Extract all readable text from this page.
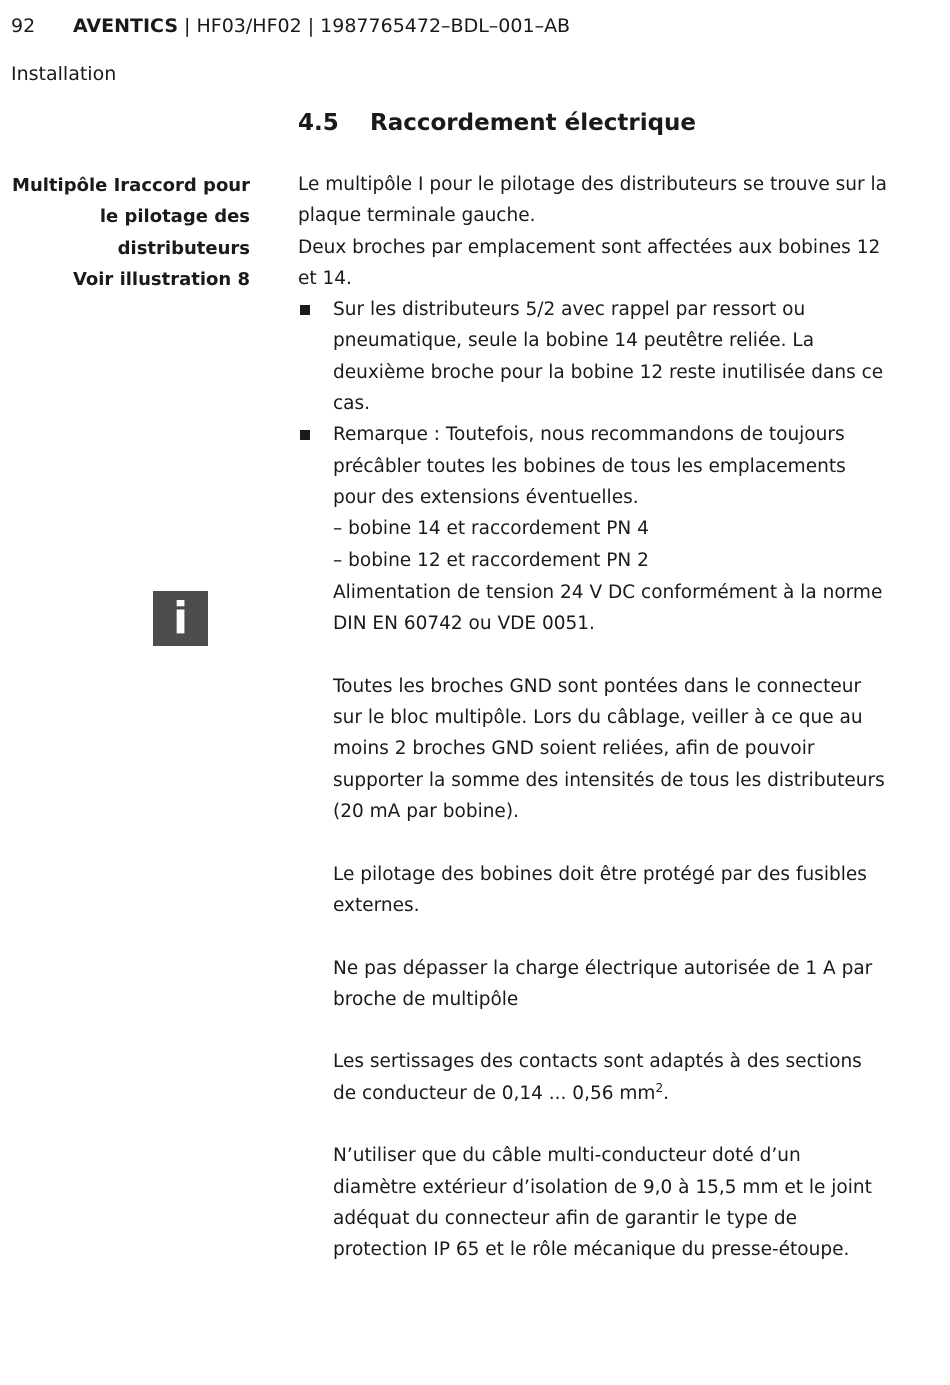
92 AVENTICS | HF03/HF02 | 1987765472–BDL–001–AB
Installation
4.5 Raccordement électrique
Multipôle Iraccord pour
le pilotage des
distributeurs
Voir illustration 8

Le multipôle I pour le pilotage des distributeurs se trouve sur la plaque terminale gauche.

Deux broches par emplacement sont affectées aux bobines 12 et 14.

Sur les distributeurs 5/2 avec rappel par ressort ou pneumatique, seule la bobine 14 peutêtre reliée. La deuxième broche pour la bobine 12 reste inutilisée dans ce cas.
Remarque : Toutefois, nous recommandons de toujours précâbler toutes les bobines de tous les emplacements pour des extensions éventuelles.
– bobine 14 et raccordement PN 4
– bobine 12 et raccordement PN 2
i

Alimentation de tension 24 V DC conformément à la norme DIN EN 60742 ou VDE 0051.

Toutes les broches GND sont pontées dans le connecteur sur le bloc multipôle. Lors du câblage, veiller à ce que au moins 2 broches GND soient reliées, afin de pouvoir supporter la somme des intensités de tous les distributeurs (20 mA par bobine).

Le pilotage des bobines doit être protégé par des fusibles externes.

Ne pas dépasser la charge électrique autorisée de 1 A par broche de multipôle

Les sertissages des contacts sont adaptés à des sections de conducteur de 0,14 ... 0,56 $mm^2$.

N’utiliser que du câble multi-conducteur doté d’un diamètre extérieur d’isolation de 9,0 à 15,5 mm et le joint adéquat du connecteur afin de garantir le type de protection IP 65 et le rôle mécanique du presse-étoupe.
